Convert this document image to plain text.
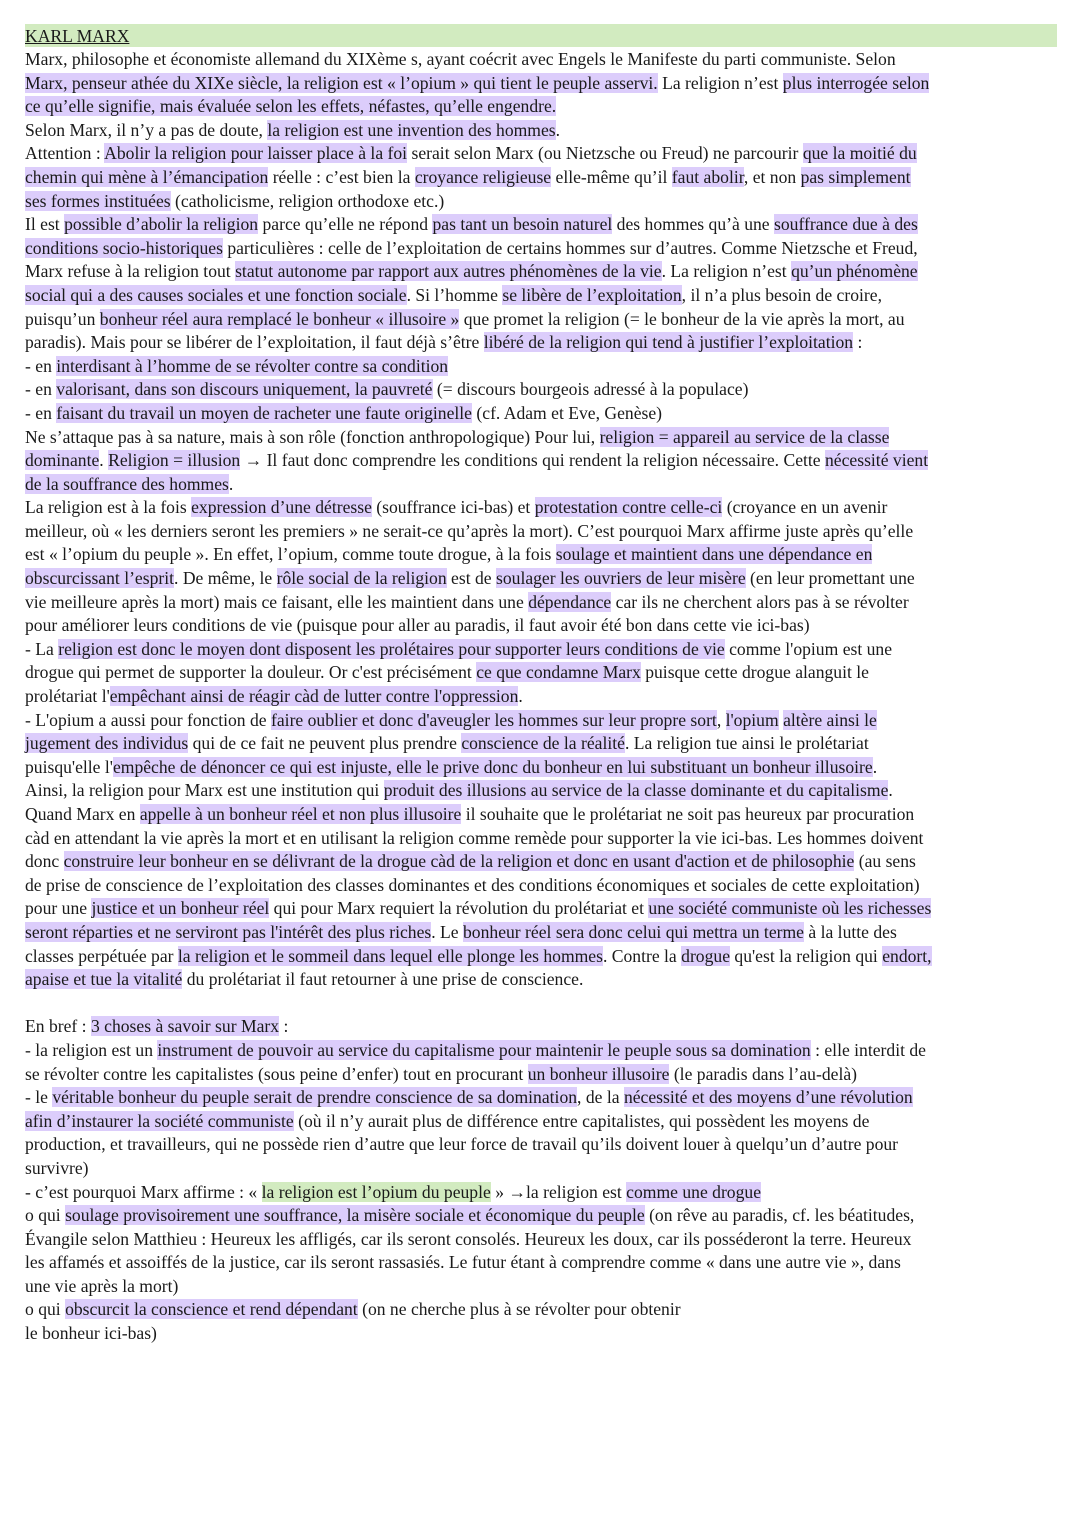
KARL MARX
Marx, philosophe et économiste allemand du XIXème s, ayant coécrit avec Engels le Manifeste du parti communiste. Selon
Marx, penseur athée du XIXe siècle, la religion est « l’opium » qui tient le peuple asservi. La religion n’est plus interrogée selon
ce qu’elle signifie, mais évaluée selon les effets, néfastes, qu’elle engendre.
Selon Marx, il n’y a pas de doute, la religion est une invention des hommes.
Attention : Abolir la religion pour laisser place à la foi serait selon Marx (ou Nietzsche ou Freud) ne parcourir que la moitié du
chemin qui mène à l’émancipation réelle : c’est bien la croyance religieuse elle-même qu’il faut abolir, et non pas simplement
ses formes instituées (catholicisme, religion orthodoxe etc.)
Il est possible d’abolir la religion parce qu’elle ne répond pas tant un besoin naturel des hommes qu’à une souffrance due à des
conditions socio-historiques particulières : celle de l’exploitation de certains hommes sur d’autres. Comme Nietzsche et Freud,
Marx refuse à la religion tout statut autonome par rapport aux autres phénomènes de la vie. La religion n’est qu’un phénomène
social qui a des causes sociales et une fonction sociale. Si l’homme se libère de l’exploitation, il n’a plus besoin de croire,
puisqu’un bonheur réel aura remplacé le bonheur « illusoire » que promet la religion (= le bonheur de la vie après la mort, au
paradis). Mais pour se libérer de l’exploitation, il faut déjà s’être libéré de la religion qui tend à justifier l’exploitation :
- en interdisant à l’homme de se révolter contre sa condition
- en valorisant, dans son discours uniquement, la pauvreté (= discours bourgeois adressé à la populace)
- en faisant du travail un moyen de racheter une faute originelle (cf. Adam et Eve, Genèse)
Ne s’attaque pas à sa nature, mais à son rôle (fonction anthropologique) Pour lui, religion = appareil au service de la classe
dominante. Religion = illusion → Il faut donc comprendre les conditions qui rendent la religion nécessaire. Cette nécessité vient
de la souffrance des hommes.
La religion est à la fois expression d’une détresse (souffrance ici-bas) et protestation contre celle-ci (croyance en un avenir
meilleur, où « les derniers seront les premiers » ne serait-ce qu’après la mort). C’est pourquoi Marx affirme juste après qu’elle
est « l’opium du peuple ». En effet, l’opium, comme toute drogue, à la fois soulage et maintient dans une dépendance en
obscurcissant l’esprit. De même, le rôle social de la religion est de soulager les ouvriers de leur misère (en leur promettant une
vie meilleure après la mort) mais ce faisant, elle les maintient dans une dépendance car ils ne cherchent alors pas à se révolter
pour améliorer leurs conditions de vie (puisque pour aller au paradis, il faut avoir été bon dans cette vie ici-bas)
- La religion est donc le moyen dont disposent les prolétaires pour supporter leurs conditions de vie comme l'opium est une
drogue qui permet de supporter la douleur. Or c'est précisément ce que condamne Marx puisque cette drogue alanguit le
prolétariat l'empêchant ainsi de réagir càd de lutter contre l'oppression.
- L'opium a aussi pour fonction de faire oublier et donc d'aveugler les hommes sur leur propre sort, l'opium altère ainsi le
jugement des individus qui de ce fait ne peuvent plus prendre conscience de la réalité. La religion tue ainsi le prolétariat
puisqu'elle l'empêche de dénoncer ce qui est injuste, elle le prive donc du bonheur en lui substituant un bonheur illusoire.
Ainsi, la religion pour Marx est une institution qui produit des illusions au service de la classe dominante et du capitalisme.
Quand Marx en appelle à un bonheur réel et non plus illusoire il souhaite que le prolétariat ne soit pas heureux par procuration
càd en attendant la vie après la mort et en utilisant la religion comme remède pour supporter la vie ici-bas. Les hommes doivent
donc construire leur bonheur en se délivrant de la drogue càd de la religion et donc en usant d'action et de philosophie (au sens
de prise de conscience de l’exploitation des classes dominantes et des conditions économiques et sociales de cette exploitation)
pour une justice et un bonheur réel qui pour Marx requiert la révolution du prolétariat et une société communiste où les richesses
seront réparties et ne serviront pas l'intérêt des plus riches. Le bonheur réel sera donc celui qui mettra un terme à la lutte des
classes perpétuée par la religion et le sommeil dans lequel elle plonge les hommes. Contre la drogue qu'est la religion qui endort,
apaise et tue la vitalité du prolétariat il faut retourner à une prise de conscience.
En bref : 3 choses à savoir sur Marx :
- la religion est un instrument de pouvoir au service du capitalisme pour maintenir le peuple sous sa domination : elle interdit de
se révolter contre les capitalistes (sous peine d’enfer) tout en procurant un bonheur illusoire (le paradis dans l’au-delà)
- le véritable bonheur du peuple serait de prendre conscience de sa domination, de la nécessité et des moyens d’une révolution
afin d’instaurer la société communiste (où il n’y aurait plus de différence entre capitalistes, qui possèdent les moyens de
production, et travailleurs, qui ne possède rien d’autre que leur force de travail qu’ils doivent louer à quelqu’un d’autre pour
survivre)
- c’est pourquoi Marx affirme : « la religion est l’opium du peuple » →la religion est comme une drogue
o qui soulage provisoirement une souffrance, la misère sociale et économique du peuple (on rêve au paradis, cf. les béatitudes,
Évangile selon Matthieu : Heureux les affligés, car ils seront consolés. Heureux les doux, car ils posséderont la terre. Heureux
les affamés et assoiffés de la justice, car ils seront rassasiés. Le futur étant à comprendre comme « dans une autre vie », dans
une vie après la mort)
o qui obscurcit la conscience et rend dépendant (on ne cherche plus à se révolter pour obtenir
le bonheur ici-bas)
